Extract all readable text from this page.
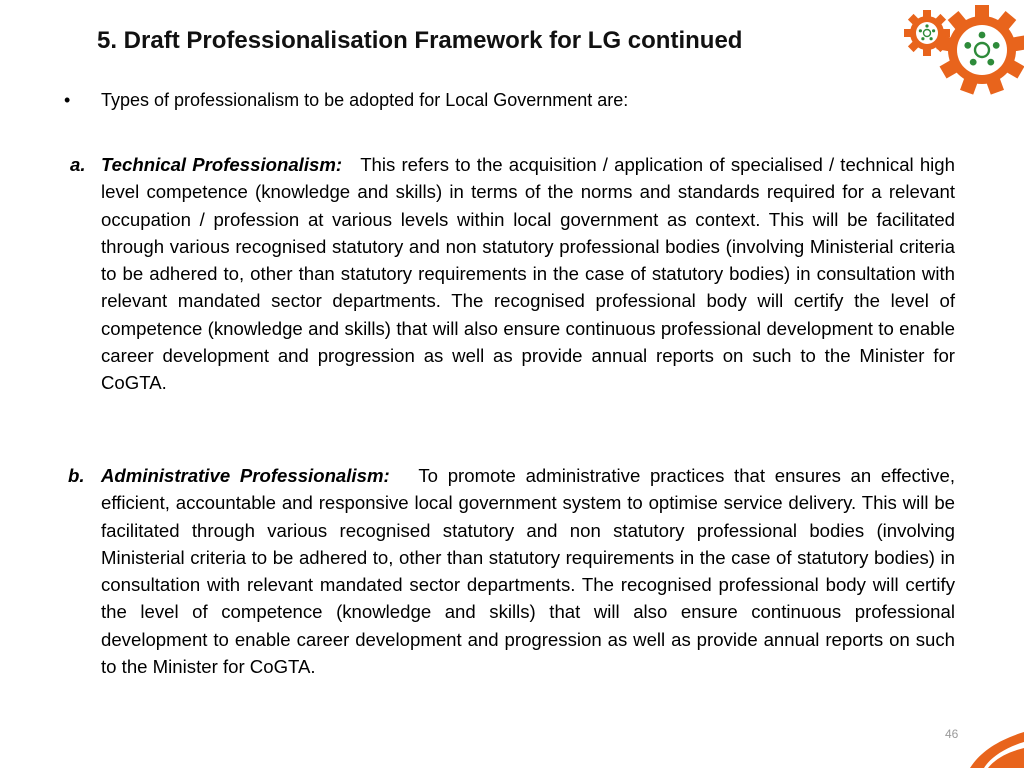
5. Draft Professionalisation Framework for LG continued
• Types of professionalism to be adopted for Local Government are:
a. Technical Professionalism: This refers to the acquisition / application of specialised / technical high level competence (knowledge and skills) in terms of the norms and standards required for a relevant occupation / profession at various levels within local government as context. This will be facilitated through various recognised statutory and non statutory professional bodies (involving Ministerial criteria to be adhered to, other than statutory requirements in the case of statutory bodies) in consultation with relevant mandated sector departments. The recognised professional body will certify the level of competence (knowledge and skills) that will also ensure continuous professional development to enable career development and progression as well as provide annual reports on such to the Minister for CoGTA.
b. Administrative Professionalism: To promote administrative practices that ensures an effective, efficient, accountable and responsive local government system to optimise service delivery. This will be facilitated through various recognised statutory and non statutory professional bodies (involving Ministerial criteria to be adhered to, other than statutory requirements in the case of statutory bodies) in consultation with relevant mandated sector departments. The recognised professional body will certify the level of competence (knowledge and skills) that will also ensure continuous professional development to enable career development and progression as well as provide annual reports on such to the Minister for CoGTA.
46
